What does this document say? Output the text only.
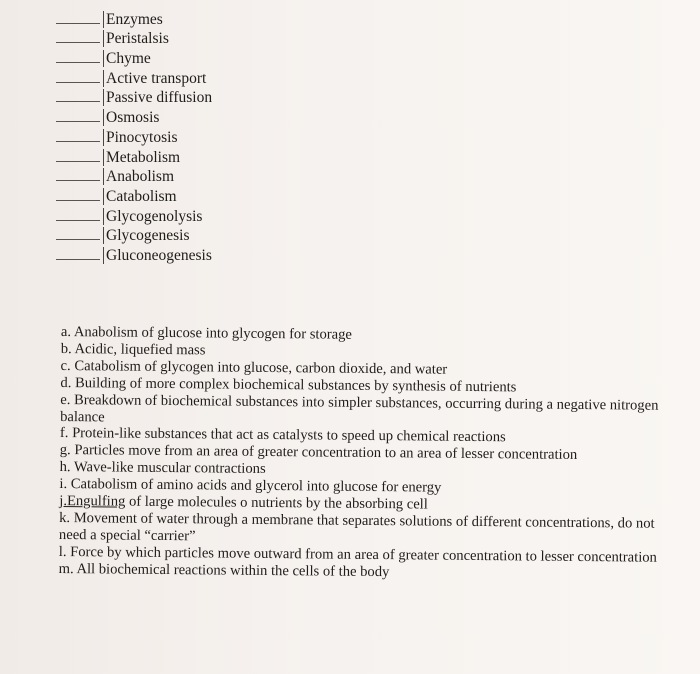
Enzymes
Peristalsis
Chyme
Active transport
Passive diffusion
Osmosis
Pinocytosis
Metabolism
Anabolism
Catabolism
Glycogenolysis
Glycogenesis
Gluconeogenesis
a. Anabolism of glucose into glycogen for storage
b. Acidic, liquefied mass
c. Catabolism of glycogen into glucose, carbon dioxide, and water
d. Building of more complex biochemical substances by synthesis of nutrients
e. Breakdown of biochemical substances into simpler substances, occurring during a negative nitrogen balance
f. Protein-like substances that act as catalysts to speed up chemical reactions
g. Particles move from an area of greater concentration to an area of lesser concentration
h. Wave-like muscular contractions
i. Catabolism of amino acids and glycerol into glucose for energy
j.Engulfing of large molecules o nutrients by the absorbing cell
k. Movement of water through a membrane that separates solutions of different concentrations, do not need a special “carrier”
l. Force by which particles move outward from an area of greater concentration to lesser concentration
m. All biochemical reactions within the cells of the body
